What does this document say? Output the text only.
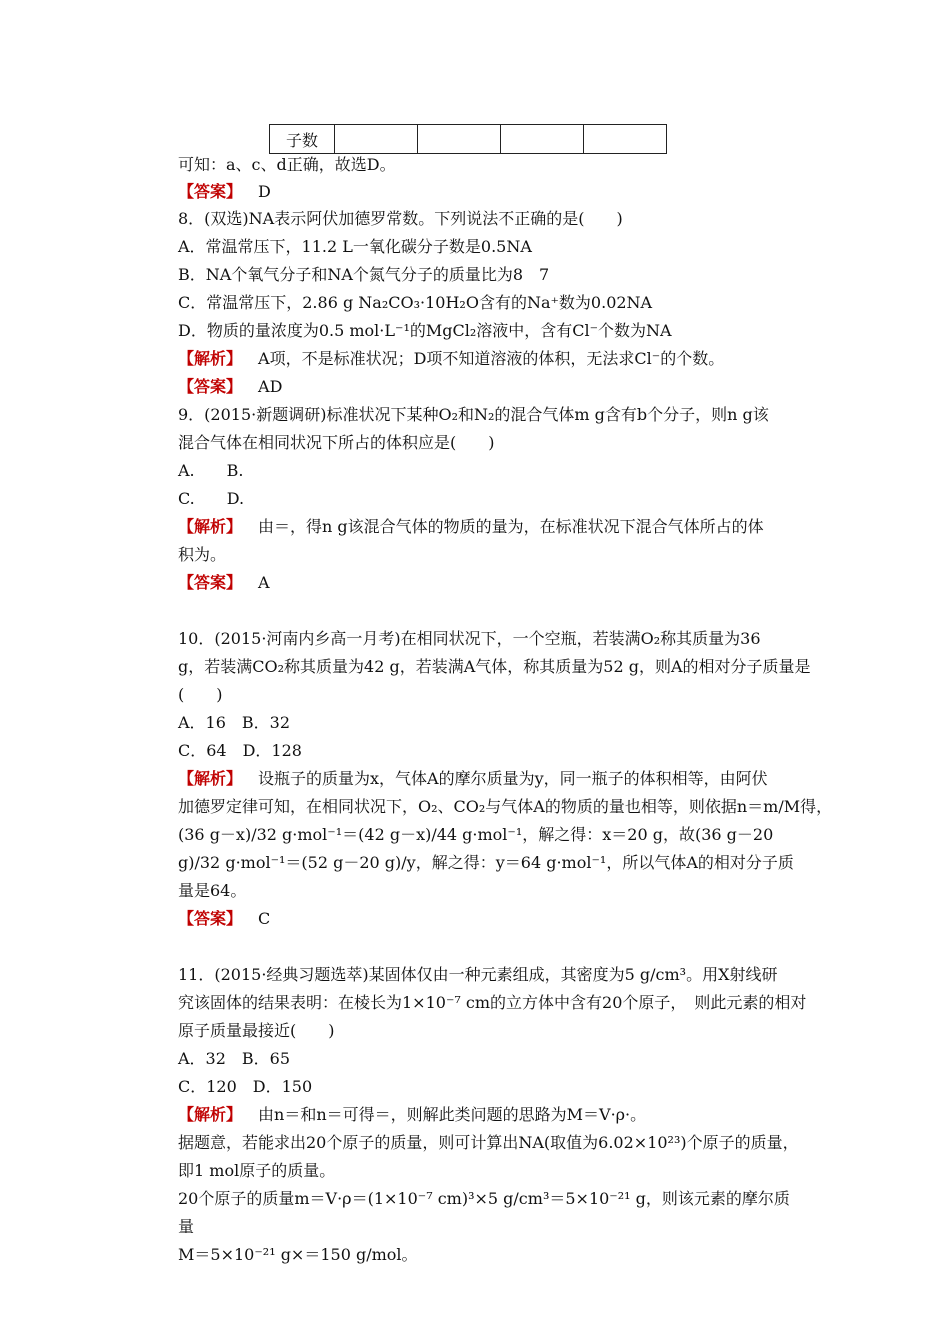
子数				
可知：a、c、d正确，故选D。
【答案】 D
8．(双选)NA表示阿伏加德罗常数。下列说法不正确的是(　　)
A．常温常压下，11.2 L一氧化碳分子数是0.5NA
B．NA个氧气分子和NA个氮气分子的质量比为8　7
C．常温常压下，2.86 g Na₂CO₃·10H₂O含有的Na⁺数为0.02NA
D．物质的量浓度为0.5 mol·L⁻¹的MgCl₂溶液中，含有Cl⁻个数为NA
【解析】 A项，不是标准状况；D项不知道溶液的体积，无法求Cl⁻的个数。
【答案】 AD
9．(2015·新题调研)标准状况下某种O₂和N₂的混合气体m g含有b个分子，则n g该
混合气体在相同状况下所占的体积应是(　　)
A.　　B.
C.　　D.
【解析】 由＝，得n g该混合气体的物质的量为，在标准状况下混合气体所占的体
积为。
【答案】 A
10．(2015·河南内乡高一月考)在相同状况下，一个空瓶，若装满O₂称其质量为36
g，若装满CO₂称其质量为42 g，若装满A气体，称其质量为52 g，则A的相对分子质量是
(　　)
A．16　B．32
C．64　D．128
【解析】 设瓶子的质量为x，气体A的摩尔质量为y，同一瓶子的体积相等，由阿伏
加德罗定律可知，在相同状况下，O₂、CO₂与气体A的物质的量也相等，则依据n＝m/M得，
(36 g－x)/32 g·mol⁻¹＝(42 g－x)/44 g·mol⁻¹，解之得：x＝20 g，故(36 g－20
g)/32 g·mol⁻¹＝(52 g－20 g)/y，解之得：y＝64 g·mol⁻¹，所以气体A的相对分子质
量是64。
【答案】 C
11．(2015·经典习题选萃)某固体仅由一种元素组成，其密度为5 g/cm³。用X射线研
究该固体的结果表明：在棱长为1×10⁻⁷ cm的立方体中含有20个原子，　则此元素的相对
原子质量最接近(　　)
A．32　B．65
C．120　D．150
【解析】 由n＝和n＝可得＝，则解此类问题的思路为M＝V·ρ·。
据题意，若能求出20个原子的质量，则可计算出NA(取值为6.02×10²³)个原子的质量，
即1 mol原子的质量。
20个原子的质量m＝V·ρ＝(1×10⁻⁷ cm)³×5 g/cm³＝5×10⁻²¹ g，则该元素的摩尔质
量
M＝5×10⁻²¹ g×＝150 g/mol。
